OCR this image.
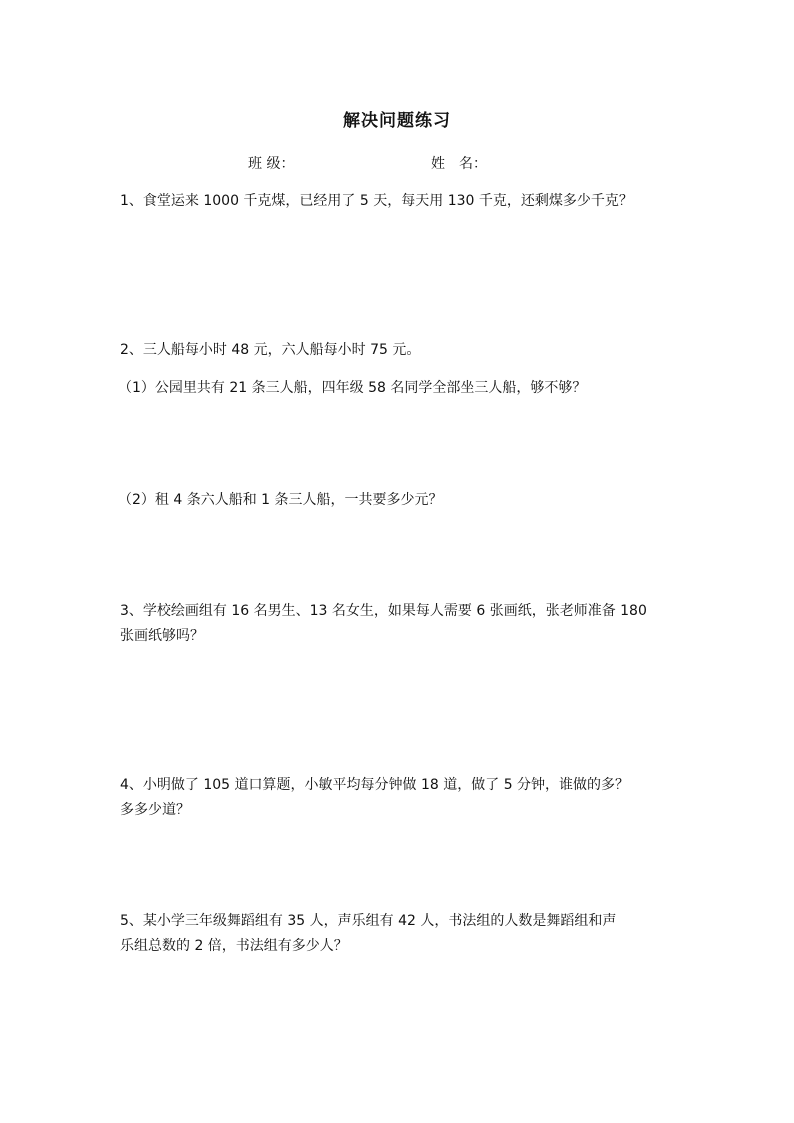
解决问题练习
班 级：	姓　名：
1、食堂运来 1000 千克煤，已经用了 5 天，每天用 130 千克，还剩煤多少千克？
2、三人船每小时 48 元，六人船每小时 75 元。
（1）公园里共有 21 条三人船，四年级 58 名同学全部坐三人船，够不够？
（2）租 4 条六人船和 1 条三人船，一共要多少元？
3、学校绘画组有 16 名男生、13 名女生，如果每人需要 6 张画纸，张老师准备 180
张画纸够吗？
4、小明做了 105 道口算题，小敏平均每分钟做 18 道，做了 5 分钟，谁做的多？
多多少道？
5、某小学三年级舞蹈组有 35 人，声乐组有 42 人，书法组的人数是舞蹈组和声
乐组总数的 2 倍，书法组有多少人？
